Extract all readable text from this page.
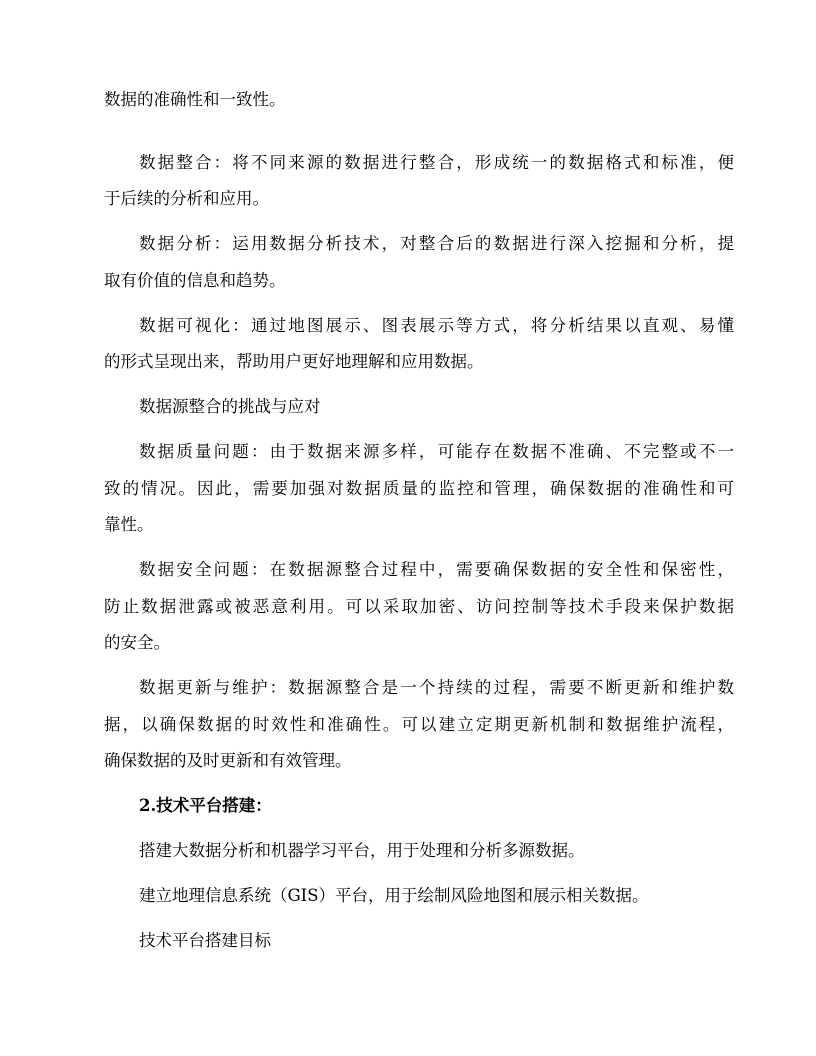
数据的准确性和一致性。
数据整合：将不同来源的数据进行整合，形成统一的数据格式和标准，便
于后续的分析和应用。
数据分析：运用数据分析技术，对整合后的数据进行深入挖掘和分析，提
取有价值的信息和趋势。
数据可视化：通过地图展示、图表展示等方式，将分析结果以直观、易懂
的形式呈现出来，帮助用户更好地理解和应用数据。
数据源整合的挑战与应对
数据质量问题：由于数据来源多样，可能存在数据不准确、不完整或不一
致的情况。因此，需要加强对数据质量的监控和管理，确保数据的准确性和可
靠性。
数据安全问题：在数据源整合过程中，需要确保数据的安全性和保密性，
防止数据泄露或被恶意利用。可以采取加密、访问控制等技术手段来保护数据
的安全。
数据更新与维护：数据源整合是一个持续的过程，需要不断更新和维护数
据，以确保数据的时效性和准确性。可以建立定期更新机制和数据维护流程，
确保数据的及时更新和有效管理。
2.技术平台搭建：
搭建大数据分析和机器学习平台，用于处理和分析多源数据。
建立地理信息系统（GIS）平台，用于绘制风险地图和展示相关数据。
技术平台搭建目标
